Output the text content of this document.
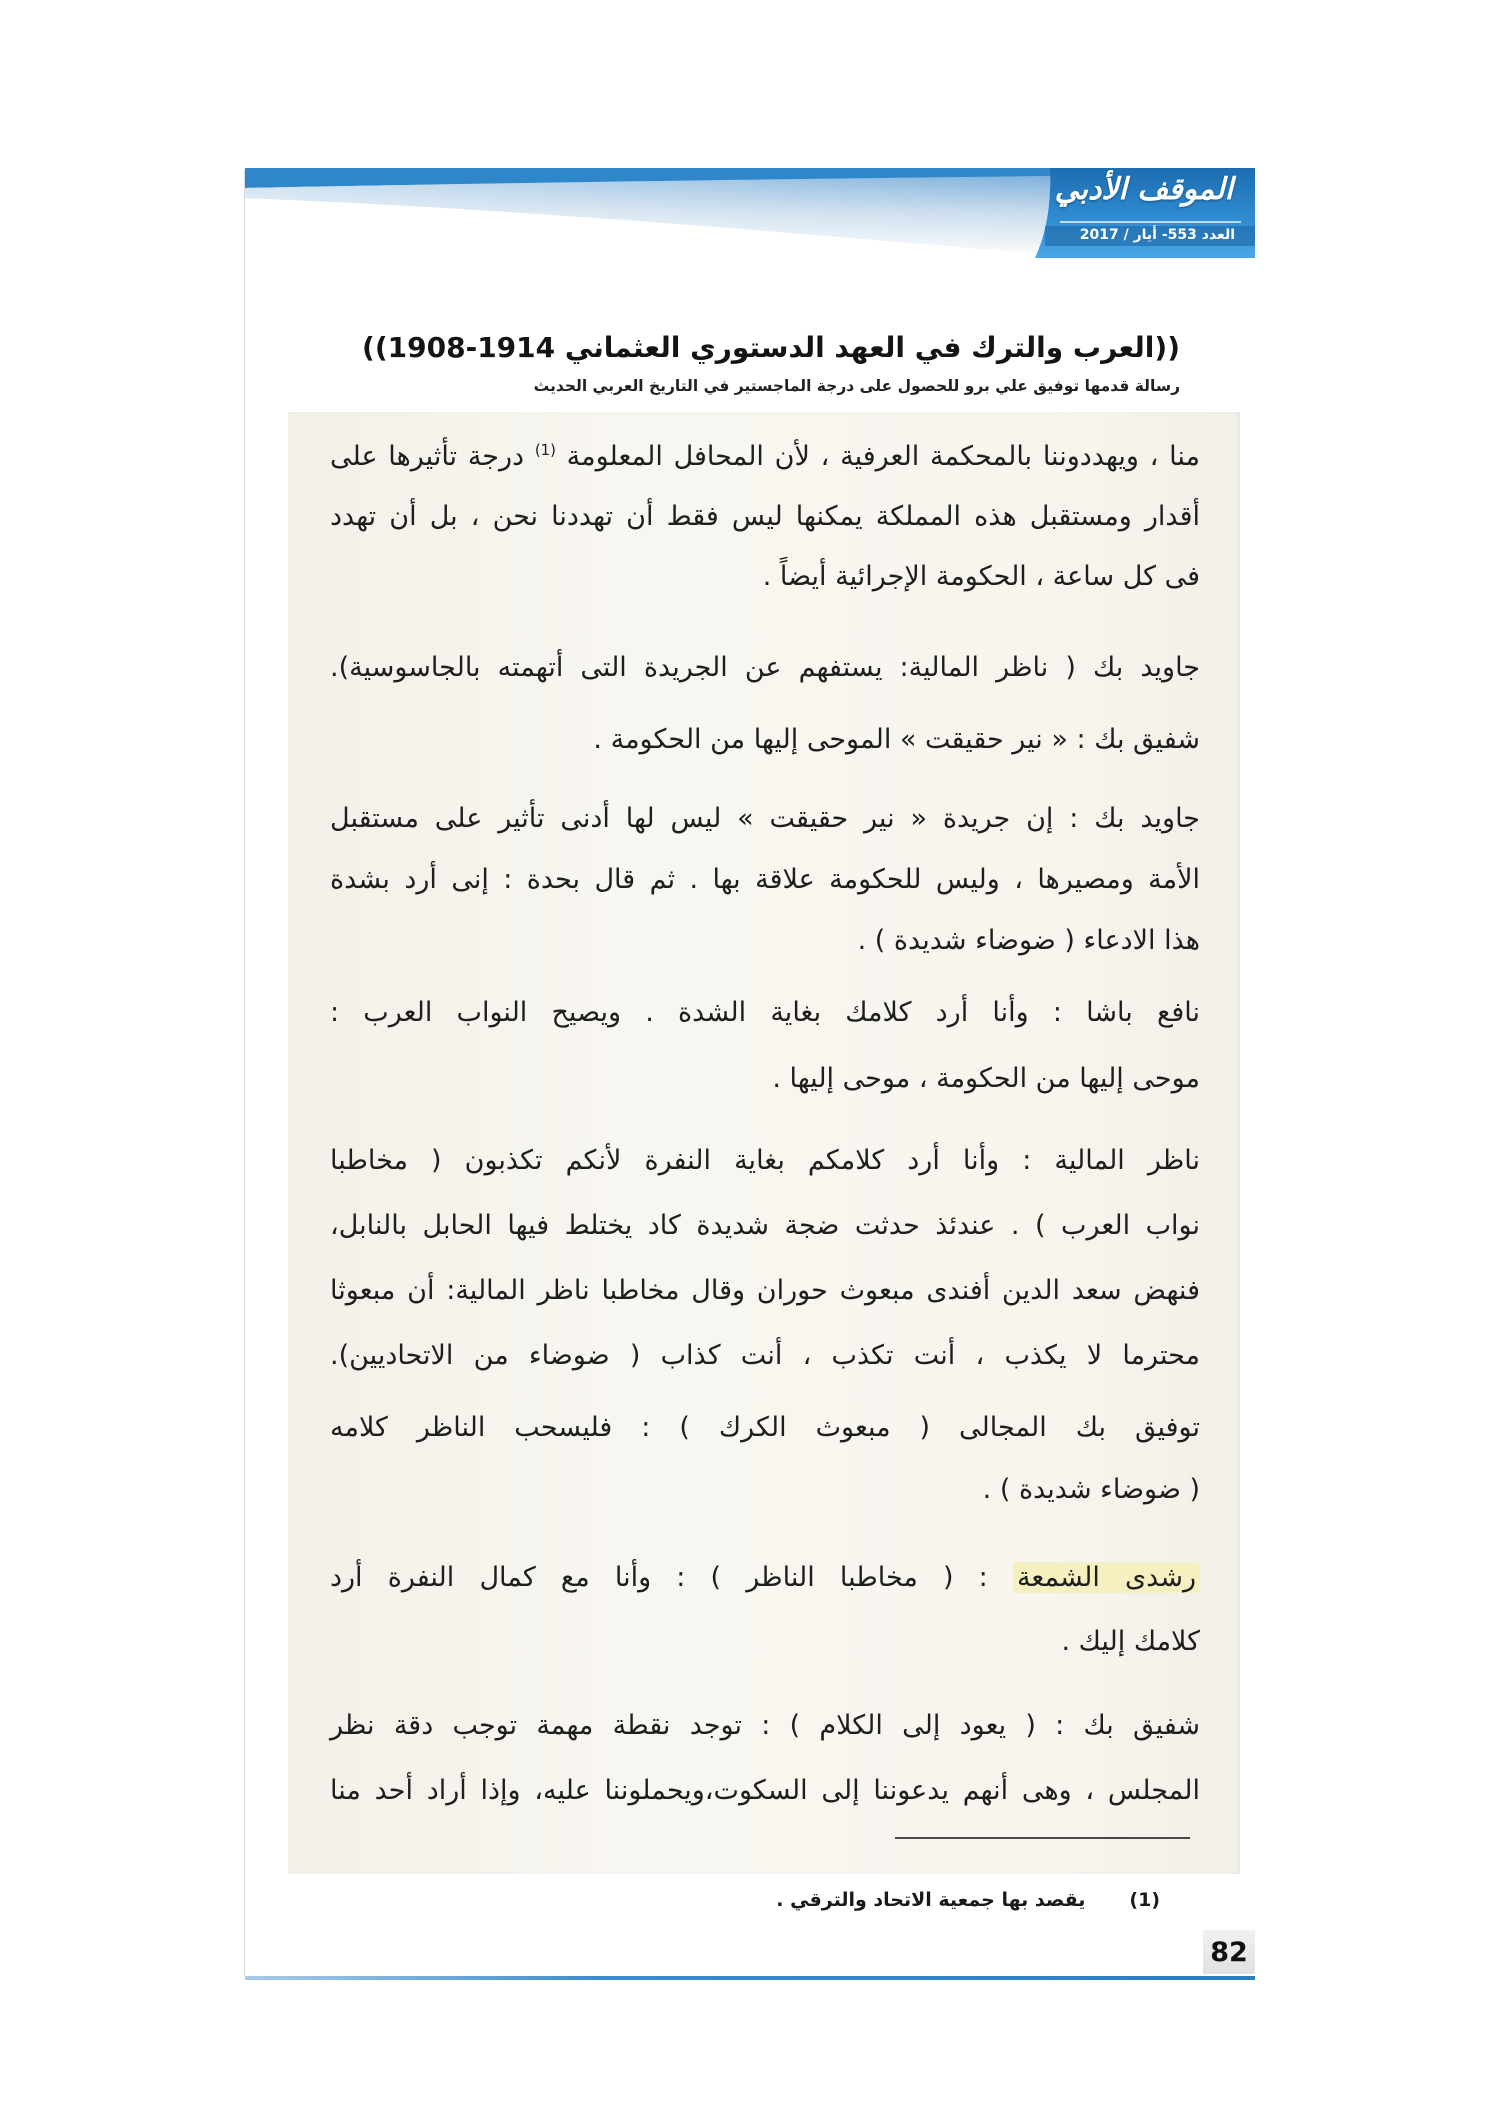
الموقف الأدبي
العدد 553- أيار / 2017
((العرب والترك في العهد الدستوري العثماني 1914-1908))
رسالة قدمها توفيق علي برو للحصول على درجة الماجستير في التاريخ العربي الحديث
منا ، ويهددوننا بالمحكمة العرفية ، لأن المحافل المعلومة $^{(1)}$ درجة تأثيرها على
أقدار ومستقبل هذه المملكة يمكنها ليس فقط أن تهددنا نحن ، بل أن تهدد
فى كل ساعة ، الحكومة الإجرائية أيضاً .
جاويد بك ( ناظر المالية: يستفهم عن الجريدة التى أتهمته بالجاسوسية).
شفيق بك : « نير حقيقت » الموحى إليها من الحكومة .
جاويد بك : إن جريدة « نير حقيقت » ليس لها أدنى تأثير على مستقبل
الأمة ومصيرها ، وليس للحكومة علاقة بها . ثم قال بحدة : إنى أرد بشدة
هذا الادعاء ( ضوضاء شديدة ) .
نافع باشا : وأنا أرد كلامك بغاية الشدة . ويصيح النواب العرب :
موحى إليها من الحكومة ، موحى إليها .
ناظر المالية : وأنا أرد كلامكم بغاية النفرة لأنكم تكذبون ( مخاطبا
نواب العرب ) . عندئذ حدثت ضجة شديدة كاد يختلط فيها الحابل بالنابل،
فنهض سعد الدين أفندى مبعوث حوران وقال مخاطبا ناظر المالية: أن مبعوثا
محترما لا يكذب ، أنت تكذب ، أنت كذاب ( ضوضاء من الاتحاديين).
توفيق بك المجالى ( مبعوث الكرك ) : فليسحب الناظر كلامه
( ضوضاء شديدة ) .
رشدى الشمعة : ( مخاطبا الناظر ) : وأنا مع كمال النفرة أرد
كلامك إليك .
شفيق بك : ( يعود إلى الكلام ) : توجد نقطة مهمة توجب دقة نظر
المجلس ، وهى أنهم يدعوننا إلى السكوت،ويحملوننا عليه، وإذا أراد أحد منا
(1)
يقصد بها جمعية الاتحاد والترقي .
82
